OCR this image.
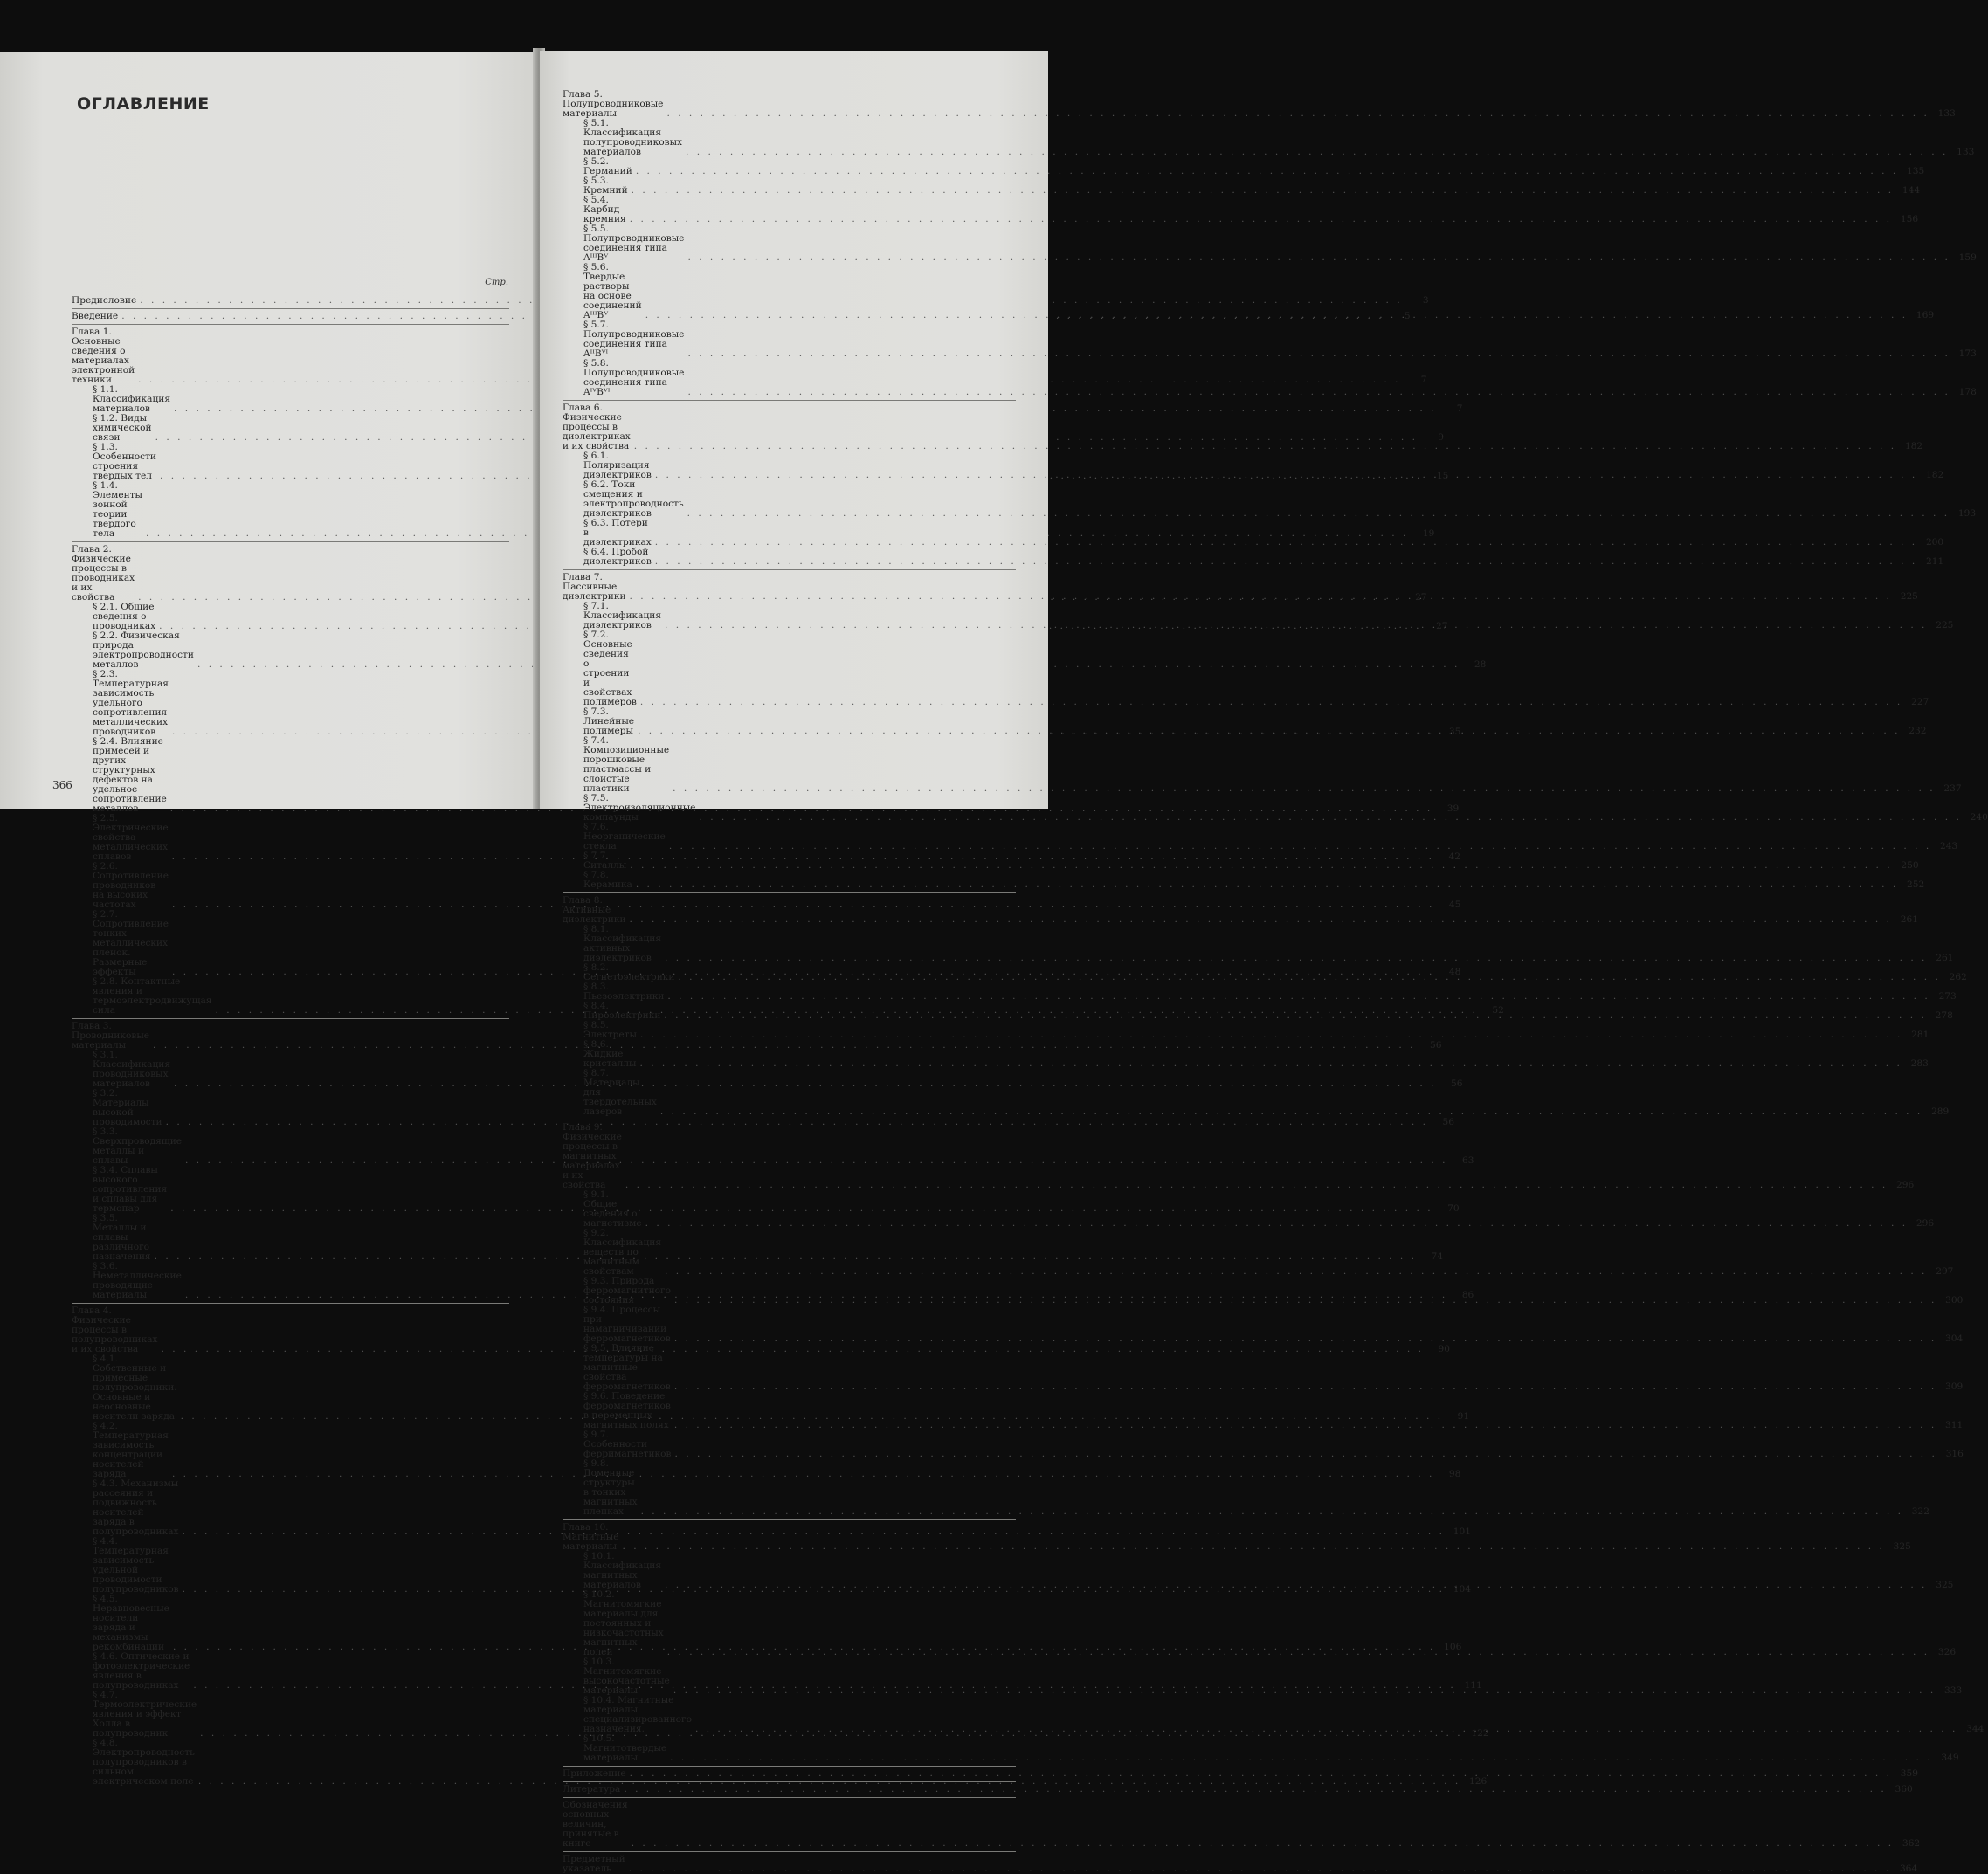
ОГЛАВЛЕНИЕ
Стр.
Предисловие . . .	3
Введение . . .	5
Глава 1. Основные сведения о материалах электронной техники . . .	7
§ 1.1. Классификация материалов . . .	7
§ 1.2. Виды химической связи . . .	9
§ 1.3. Особенности строения твердых тел . . .	15
§ 1.4. Элементы зонной теории твердого тела . . .	19
Глава 2. Физические процессы в проводниках и их свойства . . .	27
§ 2.1. Общие сведения о проводниках . . .	27
§ 2.2. Физическая природа электропроводности металлов . . .	28
§ 2.3. Температурная зависимость удельного сопротивления металлических проводников . . .	35
§ 2.4. Влияние примесей и других структурных дефектов на удельное сопротивление металлов . . .	39
§ 2.5. Электрические свойства металлических сплавов . . .	42
§ 2.6. Сопротивление проводников на высоких частотах . . .	45
§ 2.7. Сопротивление тонких металлических пленок. Размерные эффекты . . .	48
§ 2.8. Контактные явления и термоэлектродвижущая сила . . .	52
Глава 3. Проводниковые материалы . . .	56
§ 3.1. Классификация проводниковых материалов . . .	56
§ 3.2. Материалы высокой проводимости . . .	56
§ 3.3. Сверхпроводящие металлы и сплавы . . .	63
§ 3.4. Сплавы высокого сопротивления и сплавы для термопар . . .	70
§ 3.5. Металлы и сплавы различного назначения . . .	74
§ 3.6. Неметаллические проводящие материалы . . .	86
Глава 4. Физические процессы в полупроводниках и их свойства . . .	90
§ 4.1. Собственные и примесные полупроводники. Основные и неосновные носители заряда . . .	91
§ 4.2. Температурная зависимость концентрации носителей заряда . . .	98
§ 4.3. Механизмы рассеяния и подвижность носителей заряда в полупроводниках . . .	101
§ 4.4. Температурная зависимость удельной проводимости полупроводников . . .	104
§ 4.5. Неравновесные носители заряда и механизмы рекомбинации . . .	106
§ 4.6. Оптические и фотоэлектрические явления в полупроводниках . . .	111
§ 4.7. Термоэлектрические явления и эффект Холла в полупроводник . . .	122
§ 4.8. Электропроводность полупроводников в сильном электрическом поле . . .	126
366
Глава 5. Полупроводниковые материалы . . .	133
§ 5.1. Классификация полупроводниковых материалов . . .	133
§ 5.2. Германий . . .	135
§ 5.3. Кремний . . .	144
§ 5.4. Карбид кремния . . .	156
§ 5.5. Полупроводниковые соединения типа AᴵᴵᴵBⱽ . . .	159
§ 5.6. Твердые растворы на основе соединений AᴵᴵᴵBⱽ . . .	169
§ 5.7. Полупроводниковые соединения типа AᴵᴵBⱽᴵ . . .	173
§ 5.8. Полупроводниковые соединения типа AᴵⱽBⱽᴵ . . .	178
Глава 6. Физические процессы в диэлектриках и их свойства . . .	182
§ 6.1. Поляризация диэлектриков . . .	182
§ 6.2. Токи смещения и электропроводность диэлектриков . . .	193
§ 6.3. Потери в диэлектриках . . .	200
§ 6.4. Пробой диэлектриков . . .	211
Глава 7. Пассивные диэлектрики . . .	225
§ 7.1. Классификация диэлектриков . . .	225
§ 7.2. Основные сведения о строении и свойствах полимеров . . .	227
§ 7.3. Линейные полимеры . . .	232
§ 7.4. Композиционные порошковые пластмассы и слоистые пластики . . .	237
§ 7.5. Электроизоляционные компаунды . . .	240
§ 7.6. Неорганические стекла . . .	243
§ 7.7. Ситаллы . . .	250
§ 7.8. Керамика . . .	252
Глава 8. Активные диэлектрики . . .	261
§ 8.1. Классификация активных диэлектриков . . .	261
§ 8.2. Сегнетоэлектрики . . .	262
§ 8.3. Пьезоэлектрики . . .	273
§ 8.4. Пироэлектрики . . .	278
§ 8.5. Электреты . . .	281
§ 8.6. Жидкие кристаллы . . .	283
§ 8.7. Материалы для твердотельных лазеров . . .	289
Глава 9. Физические процессы в магнитных материалах и их свойства . . .	296
§ 9.1. Общие сведения о магнетизме . . .	296
§ 9.2. Классификация веществ по магнитным свойствам . . .	297
§ 9.3. Природа ферромагнитного состояния . . .	300
§ 9.4. Процессы при намагничивании ферромагнетиков . . .	304
§ 9.5. Влияние температуры на магнитные свойства ферромагнетиков . . .	309
§ 9.6. Поведение ферромагнетиков в переменных магнитных полях . . .	311
§ 9.7. Особенности ферримагнетиков . . .	316
§ 9.8. Доменные структуры в тонких магнитных пленках . . .	322
Глава 10. Магнитные материалы . . .	325
§ 10.1. Классификация магнитных материалов . . .	325
§ 10.2. Магнитомягкие материалы для постоянных и низкочастотных магнитных полей . . .	326
§ 10.3. Магнитомягкие высокочастотные материалы . . .	333
§ 10.4. Магнитные материалы специализированного назначения. . . .	344
§ 10.5. Магнитотвердые материалы . . .	349
Приложение . . .	359
Литература . . .	360
Обозначения основных величин, принятые в книге . . .	362
Предметный указатель . . .	364
